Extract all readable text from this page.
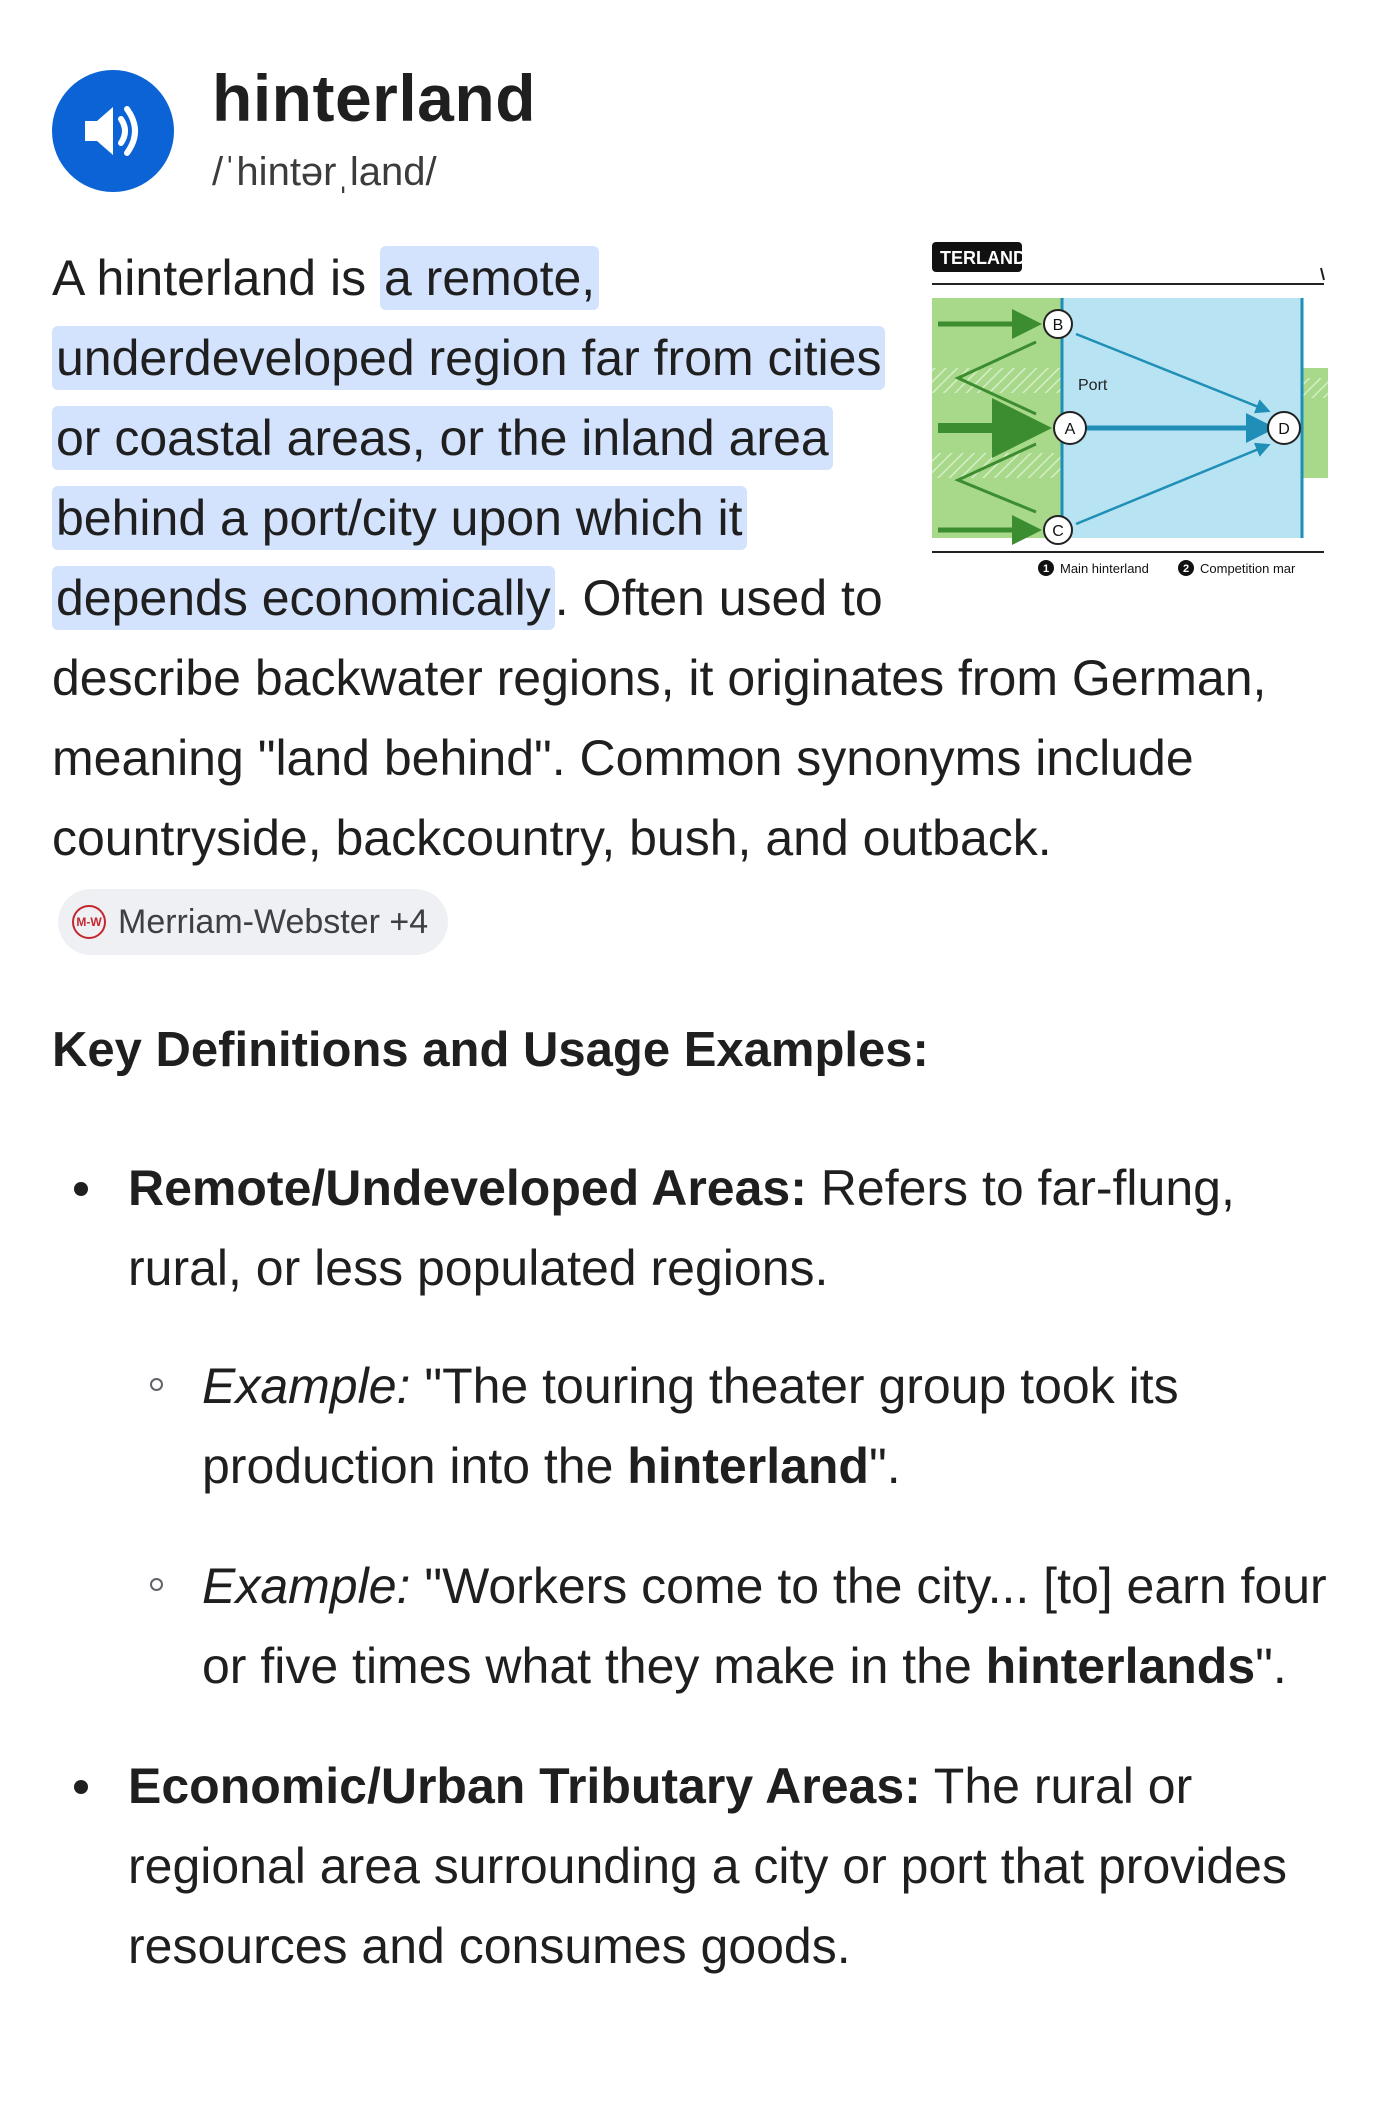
hinterland
/ˈhintərˌland/
TERLAND
Port
B
A
C
D
1 Main hinterland	2 Competition mar
A hinterland is a remote, underdeveloped region far from cities or coastal areas, or the inland area behind a port/city upon which it depends economically. Often used to describe backwater regions, it originates from German, meaning "land behind". Common synonyms include countryside, backcountry, bush, and outback.
M-W Merriam-Webster +4
Key Definitions and Usage Examples:
Remote/Undeveloped Areas: Refers to far-flung, rural, or less populated regions.
Example: "The touring theater group took its production into the hinterland".
Example: "Workers come to the city... [to] earn four or five times what they make in the hinterlands".
Economic/Urban Tributary Areas: The rural or regional area surrounding a city or port that provides resources and consumes goods.
